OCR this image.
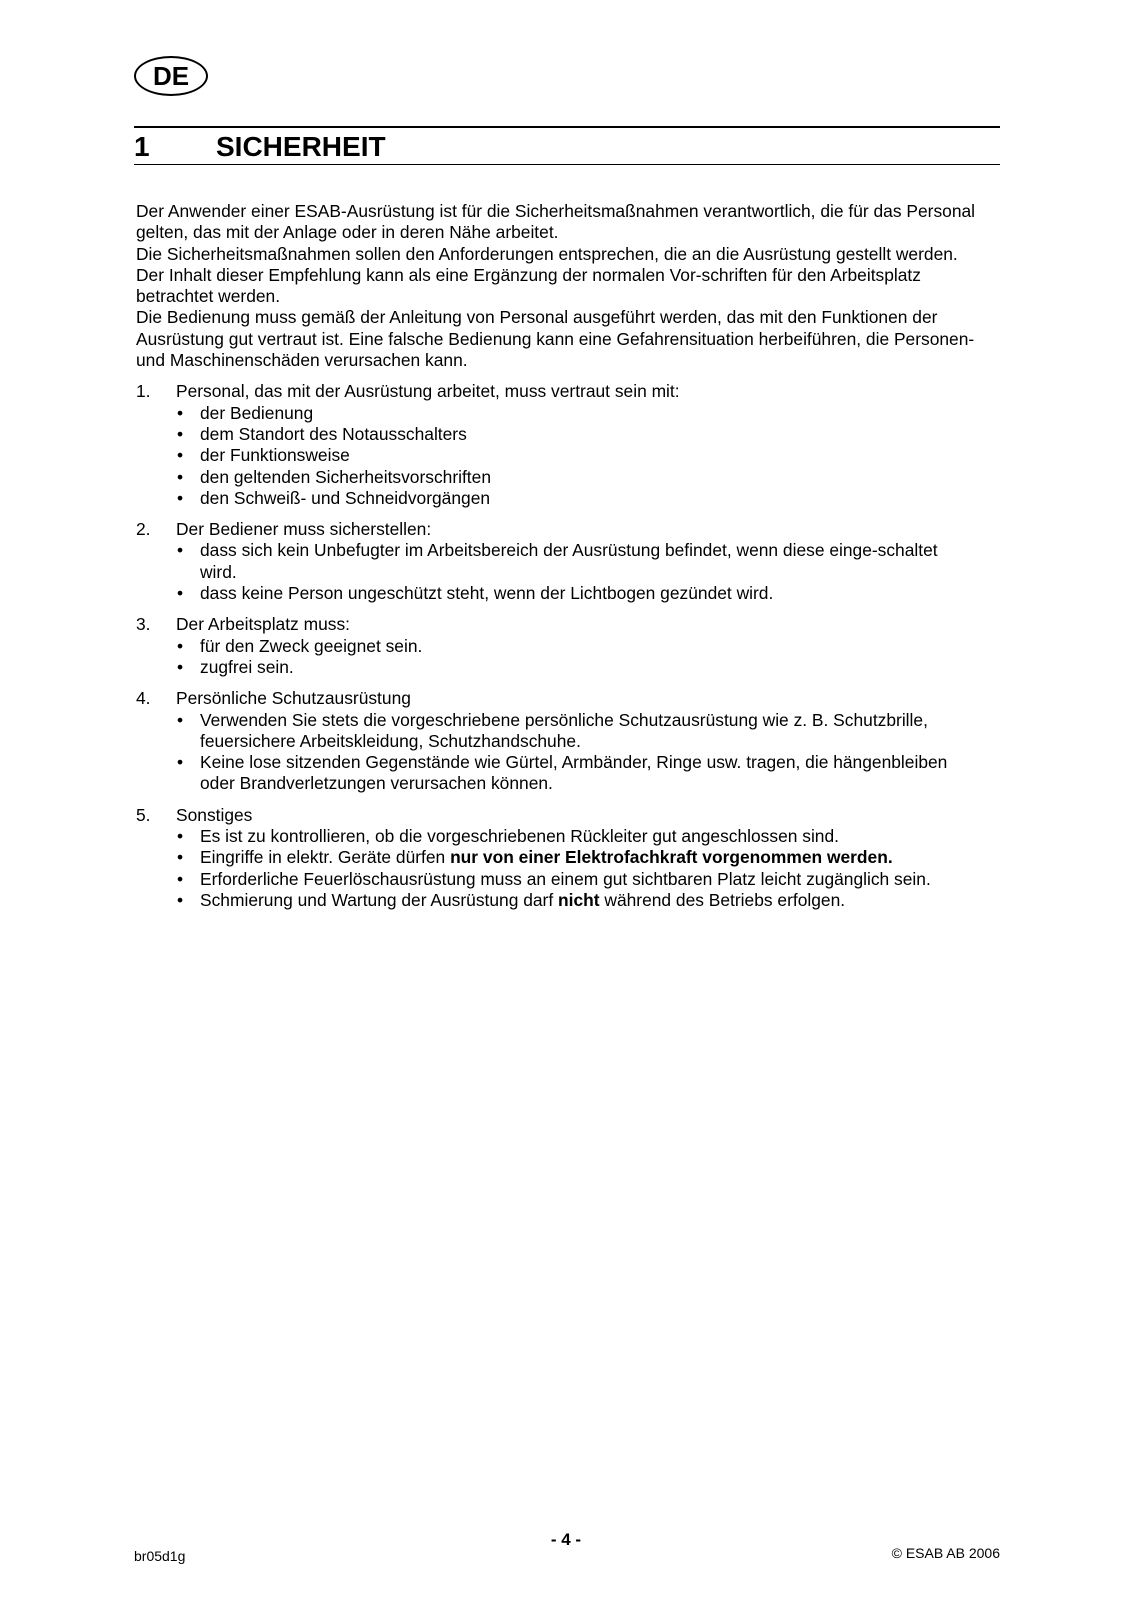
DE
1 SICHERHEIT

Der Anwender einer ESAB-Ausrüstung ist für die Sicherheitsmaßnahmen verantwortlich, die für das Personal gelten, das mit der Anlage oder in deren Nähe arbeitet.

Die Sicherheitsmaßnahmen sollen den Anforderungen entsprechen, die an die Ausrüstung gestellt werden. Der Inhalt dieser Empfehlung kann als eine Ergänzung der normalen Vor-schriften für den Arbeitsplatz betrachtet werden.

Die Bedienung muss gemäß der Anleitung von Personal ausgeführt werden, das mit den Funktionen der Ausrüstung gut vertraut ist. Eine falsche Bedienung kann eine Gefahrensituation herbeiführen, die Personen- und Maschinenschäden verursachen kann.

1. Personal, das mit der Ausrüstung arbeitet, muss vertraut sein mit:
• der Bedienung
• dem Standort des Notausschalters
• der Funktionsweise
• den geltenden Sicherheitsvorschriften
• den Schweiß- und Schneidvorgängen
2. Der Bediener muss sicherstellen:
• dass sich kein Unbefugter im Arbeitsbereich der Ausrüstung befindet, wenn diese einge-schaltet wird.
• dass keine Person ungeschützt steht, wenn der Lichtbogen gezündet wird.
3. Der Arbeitsplatz muss:
• für den Zweck geeignet sein.
• zugfrei sein.
4. Persönliche Schutzausrüstung
• Verwenden Sie stets die vorgeschriebene persönliche Schutzausrüstung wie z. B. Schutzbrille, feuersichere Arbeitskleidung, Schutzhandschuhe.
• Keine lose sitzenden Gegenstände wie Gürtel, Armbänder, Ringe usw. tragen, die hängenbleiben oder Brandverletzungen verursachen können.
5. Sonstiges
• Es ist zu kontrollieren, ob die vorgeschriebenen Rückleiter gut angeschlossen sind.
• Eingriffe in elektr. Geräte dürfen nur von einer Elektrofachkraft vorgenommen werden.
• Erforderliche Feuerlöschausrüstung muss an einem gut sichtbaren Platz leicht zugänglich sein.
• Schmierung und Wartung der Ausrüstung darf nicht während des Betriebs erfolgen.
- 4 -
br05d1g	© ESAB AB 2006
